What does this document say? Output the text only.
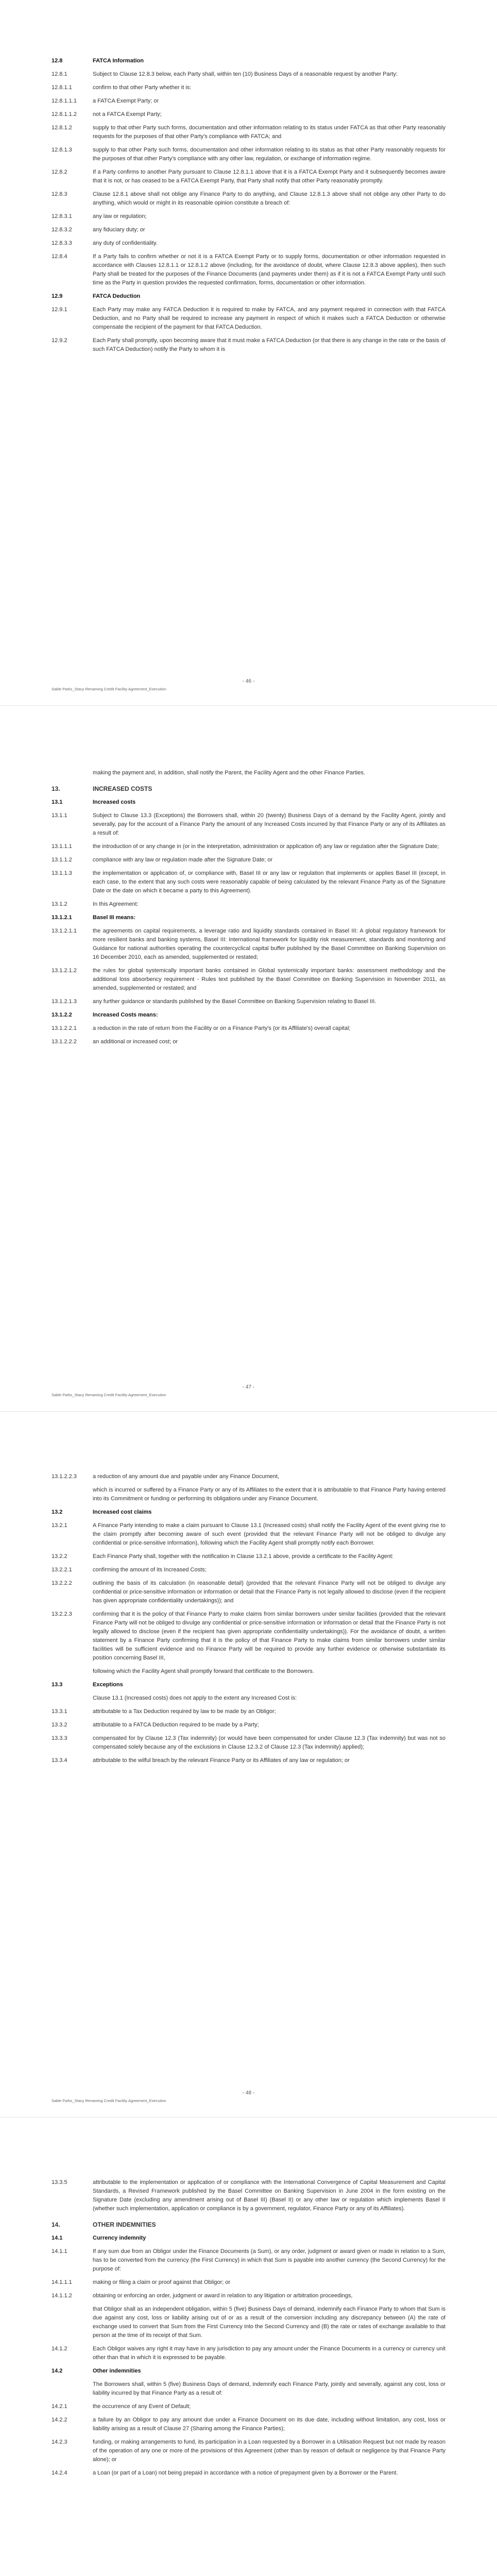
12.8	FATCA Information
12.8.1	Subject to Clause 12.8.3 below, each Party shall, within ten (10) Business Days of a reasonable request by another Party:
12.8.1.1	confirm to that other Party whether it is:
12.8.1.1.1	a FATCA Exempt Party; or
12.8.1.1.2	not a FATCA Exempt Party;
12.8.1.2	supply to that other Party such forms, documentation and other information relating to its status under FATCA as that other Party reasonably requests for the purposes of that other Party's compliance with FATCA; and
12.8.1.3	supply to that other Party such forms, documentation and other information relating to its status as that other Party reasonably requests for the purposes of that other Party's compliance with any other law, regulation, or exchange of information regime.
12.8.2	If a Party confirms to another Party pursuant to Clause 12.8.1.1 above that it is a FATCA Exempt Party and it subsequently becomes aware that it is not, or has ceased to be a FATCA Exempt Party, that Party shall notify that other Party reasonably promptly.
12.8.3	Clause 12.8.1 above shall not oblige any Finance Party to do anything, and Clause 12.8.1.3 above shall not oblige any other Party to do anything, which would or might in its reasonable opinion constitute a breach of:
12.8.3.1	any law or regulation;
12.8.3.2	any fiduciary duty; or
12.8.3.3	any duty of confidentiality.
12.8.4	If a Party fails to confirm whether or not it is a FATCA Exempt Party or to supply forms, documentation or other information requested in accordance with Clauses 12.8.1.1 or 12.8.1.2 above (including, for the avoidance of doubt, where Clause 12.8.3 above applies), then such Party shall be treated for the purposes of the Finance Documents (and payments under them) as if it is not a FATCA Exempt Party until such time as the Party in question provides the requested confirmation, forms, documentation or other information.
12.9	FATCA Deduction
12.9.1	Each Party may make any FATCA Deduction it is required to make by FATCA, and any payment required in connection with that FATCA Deduction, and no Party shall be required to increase any payment in respect of which it makes such a FATCA Deduction or otherwise compensate the recipient of the payment for that FATCA Deduction.
12.9.2	Each Party shall promptly, upon becoming aware that it must make a FATCA Deduction (or that there is any change in the rate or the basis of such FATCA Deduction) notify the Party to whom it is
- 46 -
Sable Parks_Stacy Renaming Credit Facility Agreement_Execution
making the payment and, in addition, shall notify the Parent, the Facility Agent and the other Finance Parties.
13.	INCREASED COSTS
13.1	Increased costs
13.1.1	Subject to Clause 13.3 (Exceptions) the Borrowers shall, within 20 (twenty) Business Days of a demand by the Facility Agent, jointly and severally, pay for the account of a Finance Party the amount of any Increased Costs incurred by that Finance Party or any of its Affiliates as a result of:
13.1.1.1	the introduction of or any change in (or in the interpretation, administration or application of) any law or regulation after the Signature Date;
13.1.1.2	compliance with any law or regulation made after the Signature Date; or
13.1.1.3	the implementation or application of, or compliance with, Basel III or any law or regulation that implements or applies Basel III (except, in each case, to the extent that any such costs were reasonably capable of being calculated by the relevant Finance Party as of the Signature Date or the date on which it became a party to this Agreement).
13.1.2	In this Agreement:
13.1.2.1	Basel III means:
13.1.2.1.1	the agreements on capital requirements, a leverage ratio and liquidity standards contained in Basel III: A global regulatory framework for more resilient banks and banking systems, Basel III: International framework for liquidity risk measurement, standards and monitoring and Guidance for national authorities operating the countercyclical capital buffer published by the Basel Committee on Banking Supervision on 16 December 2010, each as amended, supplemented or restated;
13.1.2.1.2	the rules for global systemically important banks contained in Global systemically important banks: assessment methodology and the additional loss absorbency requirement - Rules text published by the Basel Committee on Banking Supervision in November 2011, as amended, supplemented or restated; and
13.1.2.1.3	any further guidance or standards published by the Basel Committee on Banking Supervision relating to Basel III.
13.1.2.2	Increased Costs means:
13.1.2.2.1	a reduction in the rate of return from the Facility or on a Finance Party's (or its Affiliate's) overall capital;
13.1.2.2.2	an additional or increased cost; or
- 47 -
Sable Parks_Stacy Renaming Credit Facility Agreement_Execution
13.1.2.2.3	a reduction of any amount due and payable under any Finance Document,
which is incurred or suffered by a Finance Party or any of its Affiliates to the extent that it is attributable to that Finance Party having entered into its Commitment or funding or performing its obligations under any Finance Document.
13.2	Increased cost claims
13.2.1	A Finance Party intending to make a claim pursuant to Clause 13.1 (Increased costs) shall notify the Facility Agent of the event giving rise to the claim promptly after becoming aware of such event (provided that the relevant Finance Party will not be obliged to divulge any confidential or price-sensitive information), following which the Facility Agent shall promptly notify each Borrower.
13.2.2	Each Finance Party shall, together with the notification in Clause 13.2.1 above, provide a certificate to the Facility Agent:
13.2.2.1	confirming the amount of its Increased Costs;
13.2.2.2	outlining the basis of its calculation (in reasonable detail) (provided that the relevant Finance Party will not be obliged to divulge any confidential or price-sensitive information or information or detail that the Finance Party is not legally allowed to disclose (even if the recipient has given appropriate confidentiality undertakings)); and
13.2.2.3	confirming that it is the policy of that Finance Party to make claims from similar borrowers under similar facilities (provided that the relevant Finance Party will not be obliged to divulge any confidential or price-sensitive information or information or detail that the Finance Party is not legally allowed to disclose (even if the recipient has given appropriate confidentiality undertakings)). For the avoidance of doubt, a written statement by a Finance Party confirming that it is the policy of that Finance Party to make claims from similar borrowers under similar facilities will be sufficient evidence and no Finance Party will be required to provide any further evidence or otherwise substantiate its position concerning Basel III,
following which the Facility Agent shall promptly forward that certificate to the Borrowers.
13.3	Exceptions
Clause 13.1 (Increased costs) does not apply to the extent any Increased Cost is:
13.3.1	attributable to a Tax Deduction required by law to be made by an Obligor;
13.3.2	attributable to a FATCA Deduction required to be made by a Party;
13.3.3	compensated for by Clause 12.3 (Tax indemnity) (or would have been compensated for under Clause 12.3 (Tax indemnity) but was not so compensated solely because any of the exclusions in Clause 12.3.2 of Clause 12.3 (Tax indemnity) applied);
13.3.4	attributable to the wilful breach by the relevant Finance Party or its Affiliates of any law or regulation; or
- 48 -
Sable Parks_Stacy Renaming Credit Facility Agreement_Execution
13.3.5	attributable to the implementation or application of or compliance with the International Convergence of Capital Measurement and Capital Standards, a Revised Framework published by the Basel Committee on Banking Supervision in June 2004 in the form existing on the Signature Date (excluding any amendment arising out of Basel III) (Basel II) or any other law or regulation which implements Basel II (whether such implementation, application or compliance is by a government, regulator, Finance Party or any of its Affiliates).
14.	OTHER INDEMNITIES
14.1	Currency indemnity
14.1.1	If any sum due from an Obligor under the Finance Documents (a Sum), or any order, judgment or award given or made in relation to a Sum, has to be converted from the currency (the First Currency) in which that Sum is payable into another currency (the Second Currency) for the purpose of:
14.1.1.1	making or filing a claim or proof against that Obligor; or
14.1.1.2	obtaining or enforcing an order, judgment or award in relation to any litigation or arbitration proceedings,
that Obligor shall as an independent obligation, within 5 (five) Business Days of demand, indemnify each Finance Party to whom that Sum is due against any cost, loss or liability arising out of or as a result of the conversion including any discrepancy between (A) the rate of exchange used to convert that Sum from the First Currency into the Second Currency and (B) the rate or rates of exchange available to that person at the time of its receipt of that Sum.
14.1.2	Each Obligor waives any right it may have in any jurisdiction to pay any amount under the Finance Documents in a currency or currency unit other than that in which it is expressed to be payable.
14.2	Other indemnities
The Borrowers shall, within 5 (five) Business Days of demand, indemnify each Finance Party, jointly and severally, against any cost, loss or liability incurred by that Finance Party as a result of:
14.2.1	the occurrence of any Event of Default;
14.2.2	a failure by an Obligor to pay any amount due under a Finance Document on its due date, including without limitation, any cost, loss or liability arising as a result of Clause 27 (Sharing among the Finance Parties);
14.2.3	funding, or making arrangements to fund, its participation in a Loan requested by a Borrower in a Utilisation Request but not made by reason of the operation of any one or more of the provisions of this Agreement (other than by reason of default or negligence by that Finance Party alone); or
14.2.4	a Loan (or part of a Loan) not being prepaid in accordance with a notice of prepayment given by a Borrower or the Parent.
